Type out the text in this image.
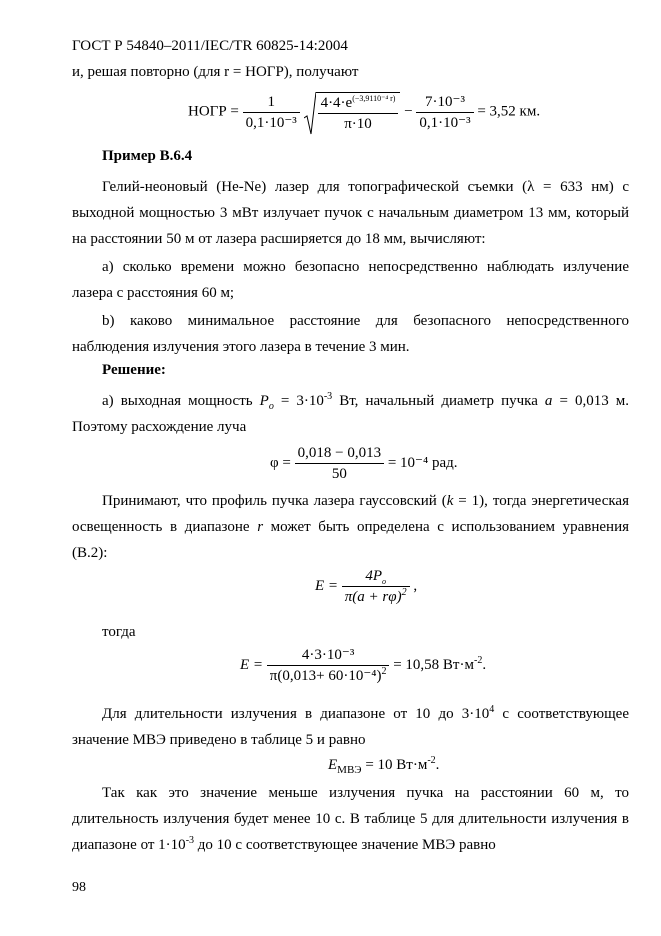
ГОСТ Р 54840–2011/IEC/TR 60825-14:2004
и, решая повторно (для r = НОГР), получают
НОГР = $\frac{1}{\text{0,1·10⁻³}}$
$\frac{4\cdot 4\cdot e^{(-3,9110^{-4} r)}}{\pi\cdot 10} - \frac{\text{7·10⁻³}}{\text{0,1·10⁻³}} = 3,52$ км.
Пример В.6.4
Гелий-неоновый (He-Ne) лазер для топографической съемки (λ = 633 нм) с выходной мощностью 3 мВт излучает пучок с начальным диаметром 13 мм, который на расстоянии 50 м от лазера расширяется до 18 мм, вычисляют:
а) сколько времени можно безопасно непосредственно наблюдать излучение лазера с расстояния 60 м;
b) каково минимальное расстояние для безопасного непосредственного наблюдения излучения этого лазера в течение 3 мин.
Решение:
а) выходная мощность $P_o = 3\cdot 10^{-3}$ Вт, начальный диаметр пучка a = 0,013 м. Поэтому расхождение луча
$\varphi = \frac{0,018 - 0,013}{50} = 10^{-4}$ рад.
Принимают, что профиль пучка лазера гауссовский (k = 1), тогда энергетическая освещенность в диапазоне r может быть определена с использованием уравнения (В.2):
$E = \frac{4P_o}{\pi(a + r\varphi)^2}$ ,
тогда
$E = \frac{\text{4·3·10⁻³}}{\pi(0,013+ 60\cdot 10^{-4})^2} = 10,58$ $Вт\cdot м^{-2}$.
Для длительности излучения в диапазоне от 10 до $3\cdot 10^4$ с соответствующее значение МВЭ приведено в таблице 5 и равно
$E_{МВЭ} = 10$ $Вт\cdot м^{-2}$.
Так как это значение меньше излучения пучка на расстоянии 60 м, то длительность излучения будет менее 10 с. В таблице 5 для длительности излучения в диапазоне от $1\cdot 10^{-3}$ до 10 с соответствующее значение МВЭ равно
98
